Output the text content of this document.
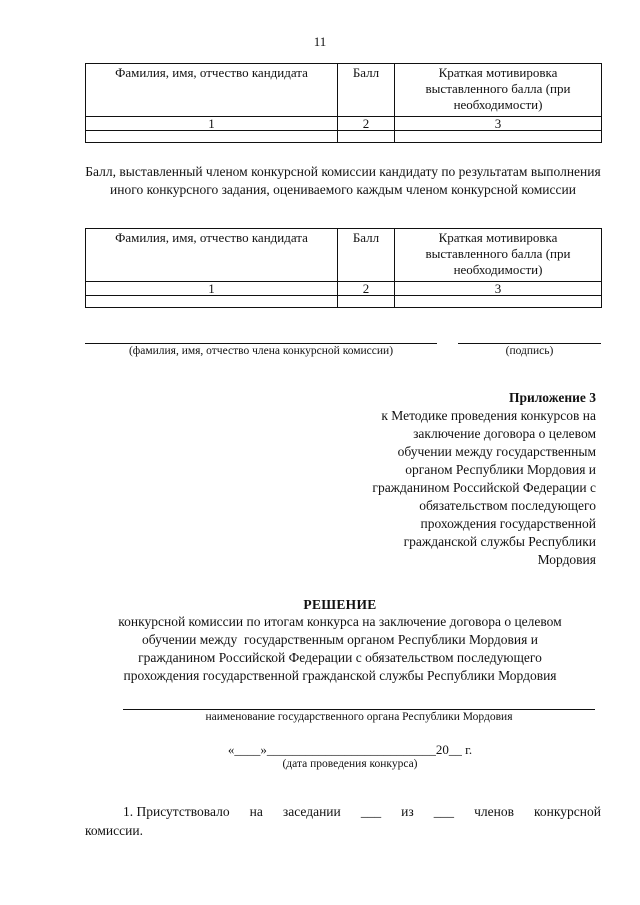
11
Фамилия, имя, отчество кандидата	Балл	Краткая мотивировка выставленного балла (при необходимости)
1	2	3

Балл, выставленный членом конкурсной комиссии кандидату по результатам выполнения иного конкурсного задания, оцениваемого каждым членом конкурсной комиссии
Фамилия, имя, отчество кандидата	Балл	Краткая мотивировка выставленного балла (при необходимости)
1	2	3

(фамилия, имя, отчество члена конкурсной комиссии)	(подпись)
Приложение 3
к Методике проведения конкурсов на
заключение договора о целевом
обучении между государственным
органом Республики Мордовия и
гражданином Российской Федерации с
обязательством последующего
прохождения государственной
гражданской службы Республики
Мордовия
РЕШЕНИЕ
конкурсной комиссии по итогам конкурса на заключение договора о целевом
обучении между  государственным органом Республики Мордовия и
гражданином Российской Федерации с обязательством последующего
прохождения государственной гражданской службы Республики Мордовия
наименование государственного органа Республики Мордовия
«____»__________________________20__ г.
(дата проведения конкурса)
1. Присутствовало на заседании ___ из ___ членов конкурсной
комиссии.
